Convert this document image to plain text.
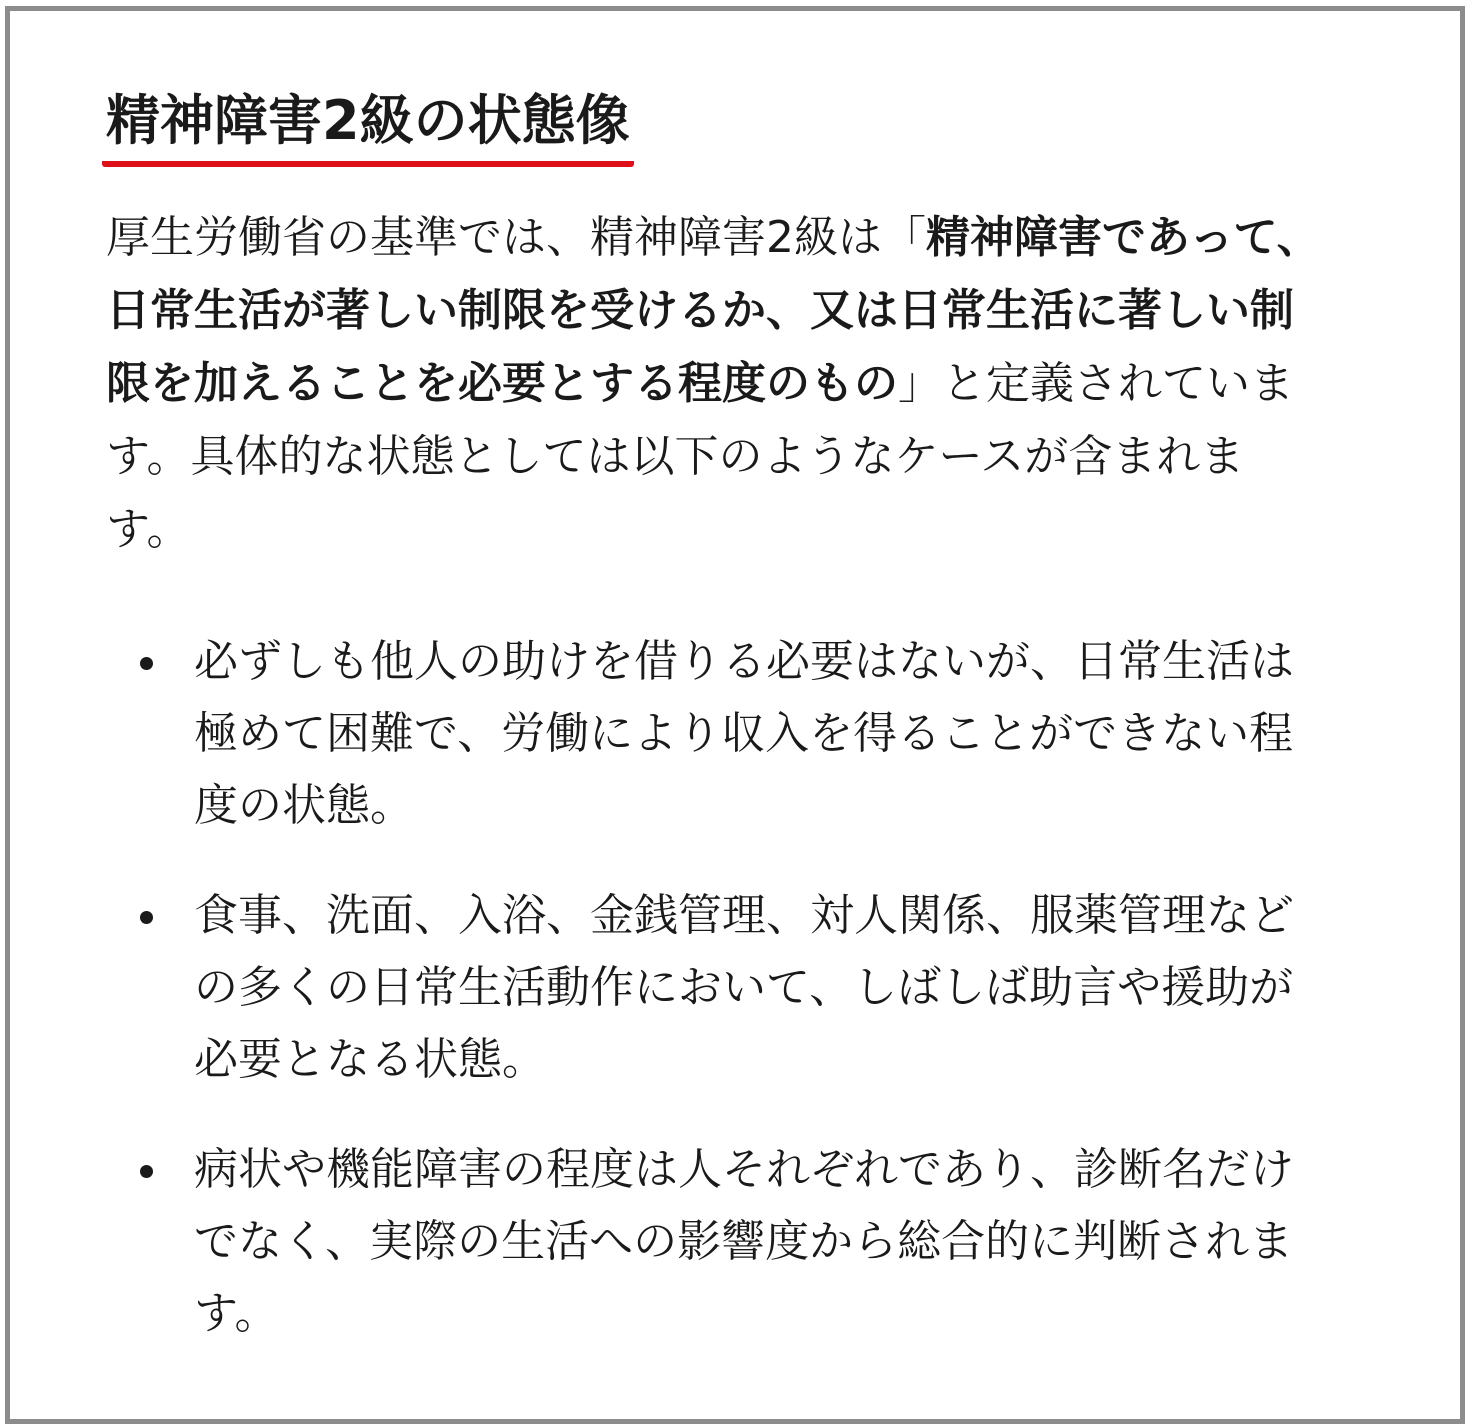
精神障害2級の状態像

厚生労働省の基準では、精神障害2級は「精神障害であって、日常生活が著しい制限を受けるか、又は日常生活に著しい制限を加えることを必要とする程度のもの」と定義されています。具体的な状態としては以下のようなケースが含まれます。

必ずしも他人の助けを借りる必要はないが、日常生活は極めて困難で、労働により収入を得ることができない程度の状態。
食事、洗面、入浴、金銭管理、対人関係、服薬管理などの多くの日常生活動作において、しばしば助言や援助が必要となる状態。
病状や機能障害の程度は人それぞれであり、診断名だけでなく、実際の生活への影響度から総合的に判断されます。
